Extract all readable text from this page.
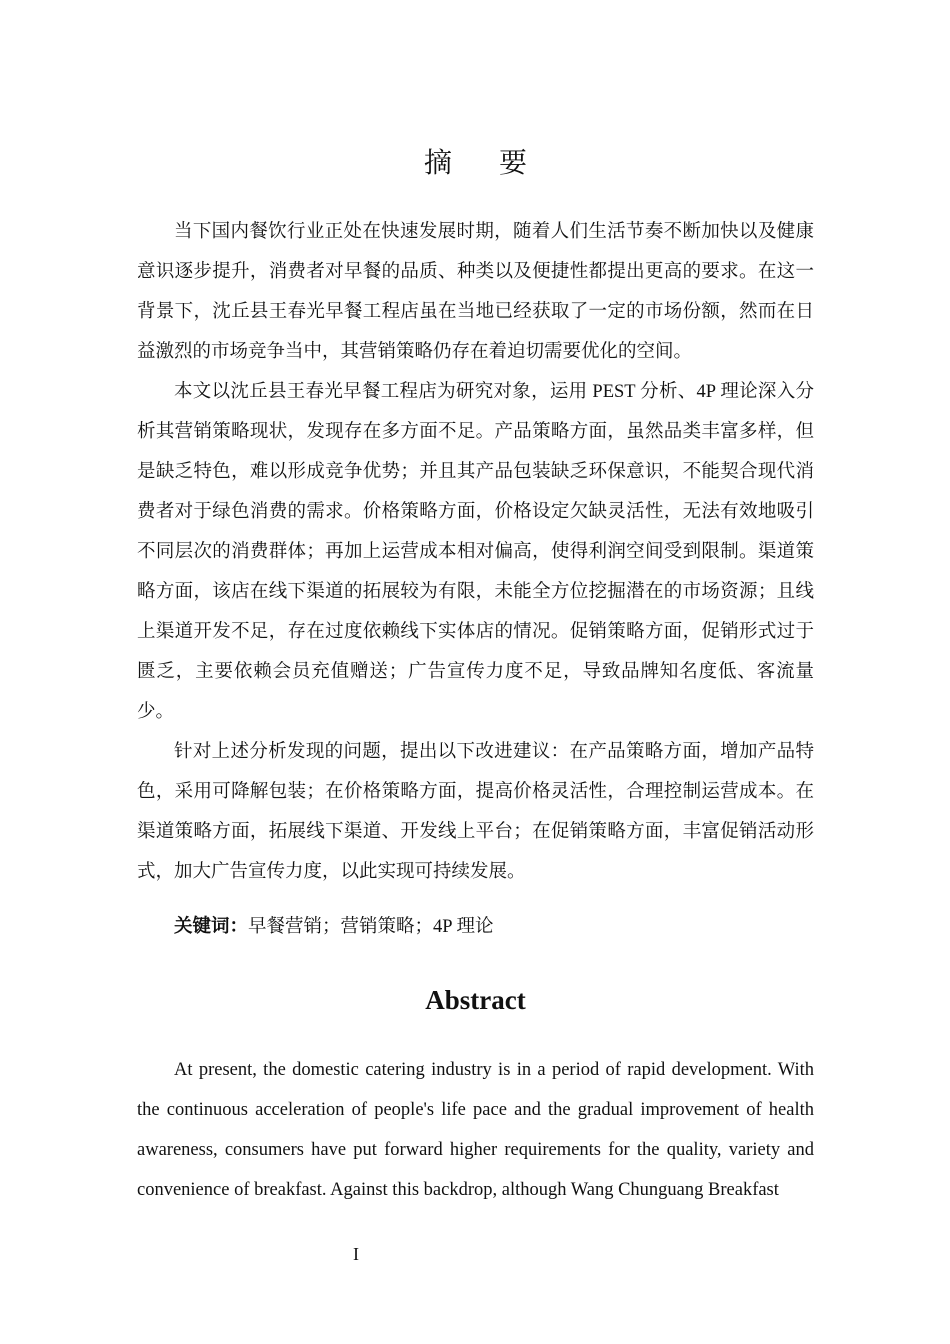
摘 要

当下国内餐饮行业正处在快速发展时期，随着人们生活节奏不断加快以及健康意识逐步提升，消费者对早餐的品质、种类以及便捷性都提出更高的要求。在这一背景下，沈丘县王春光早餐工程店虽在当地已经获取了一定的市场份额，然而在日益激烈的市场竞争当中，其营销策略仍存在着迫切需要优化的空间。

本文以沈丘县王春光早餐工程店为研究对象，运用 PEST 分析、4P 理论深入分析其营销策略现状，发现存在多方面不足。产品策略方面，虽然品类丰富多样，但是缺乏特色，难以形成竞争优势；并且其产品包装缺乏环保意识，不能契合现代消费者对于绿色消费的需求。价格策略方面，价格设定欠缺灵活性，无法有效地吸引不同层次的消费群体；再加上运营成本相对偏高，使得利润空间受到限制。渠道策略方面，该店在线下渠道的拓展较为有限，未能全方位挖掘潜在的市场资源；且线上渠道开发不足，存在过度依赖线下实体店的情况。促销策略方面，促销形式过于匮乏，主要依赖会员充值赠送；广告宣传力度不足，导致品牌知名度低、客流量少。

针对上述分析发现的问题，提出以下改进建议：在产品策略方面，增加产品特色，采用可降解包装；在价格策略方面，提高价格灵活性，合理控制运营成本。在渠道策略方面，拓展线下渠道、开发线上平台；在促销策略方面，丰富促销活动形式，加大广告宣传力度，以此实现可持续发展。

关键词：早餐营销；营销策略；4P 理论
Abstract

At present, the domestic catering industry is in a period of rapid development. With the continuous acceleration of people's life pace and the gradual improvement of health awareness, consumers have put forward higher requirements for the quality, variety and convenience of breakfast. Against this backdrop, although Wang Chunguang Breakfast

I
